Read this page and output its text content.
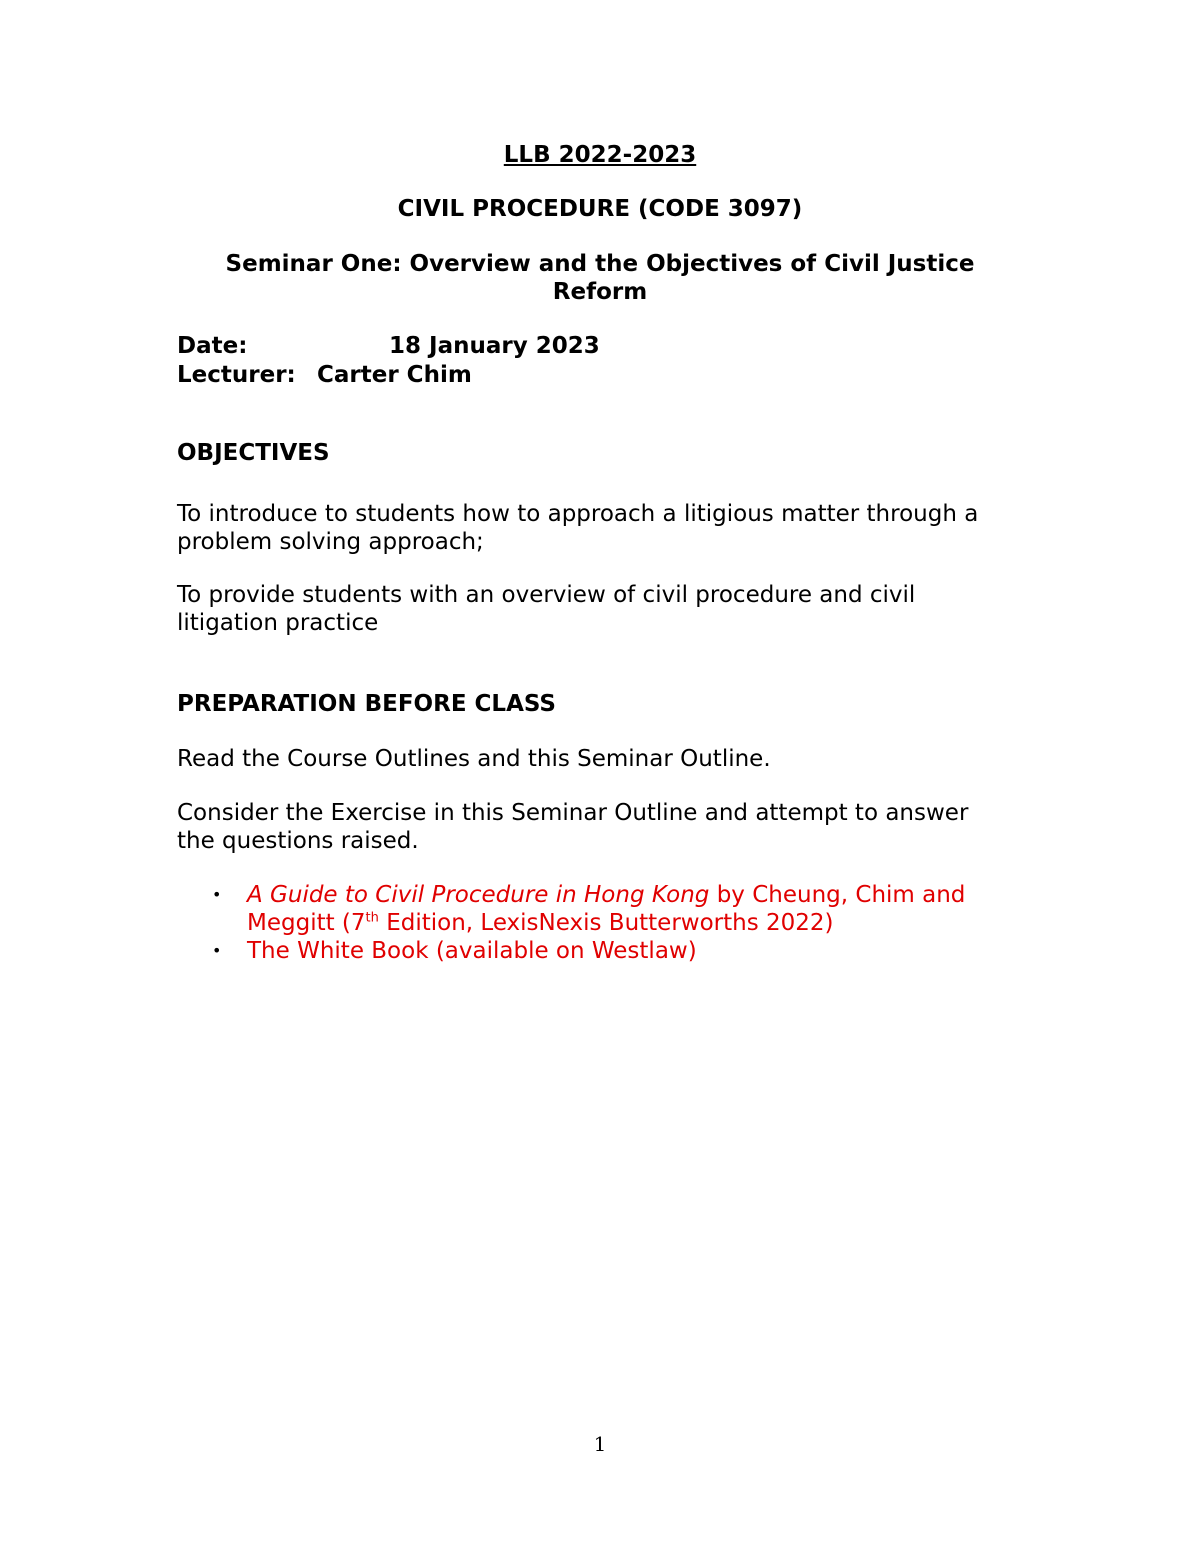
LLB 2022-2023
CIVIL PROCEDURE (CODE 3097)
Seminar One: Overview and the Objectives of Civil Justice
Reform
Date:	18 January 2023
Lecturer: Carter Chim
OBJECTIVES
To introduce to students how to approach a litigious matter through a
problem solving approach;
To provide students with an overview of civil procedure and civil
litigation practice
PREPARATION BEFORE CLASS
Read the Course Outlines and this Seminar Outline.
Consider the Exercise in this Seminar Outline and attempt to answer
the questions raised.
• A Guide to Civil Procedure in Hong Kong by Cheung, Chim and
Meggitt (7th Edition, LexisNexis Butterworths 2022)
• The White Book (available on Westlaw)
1
